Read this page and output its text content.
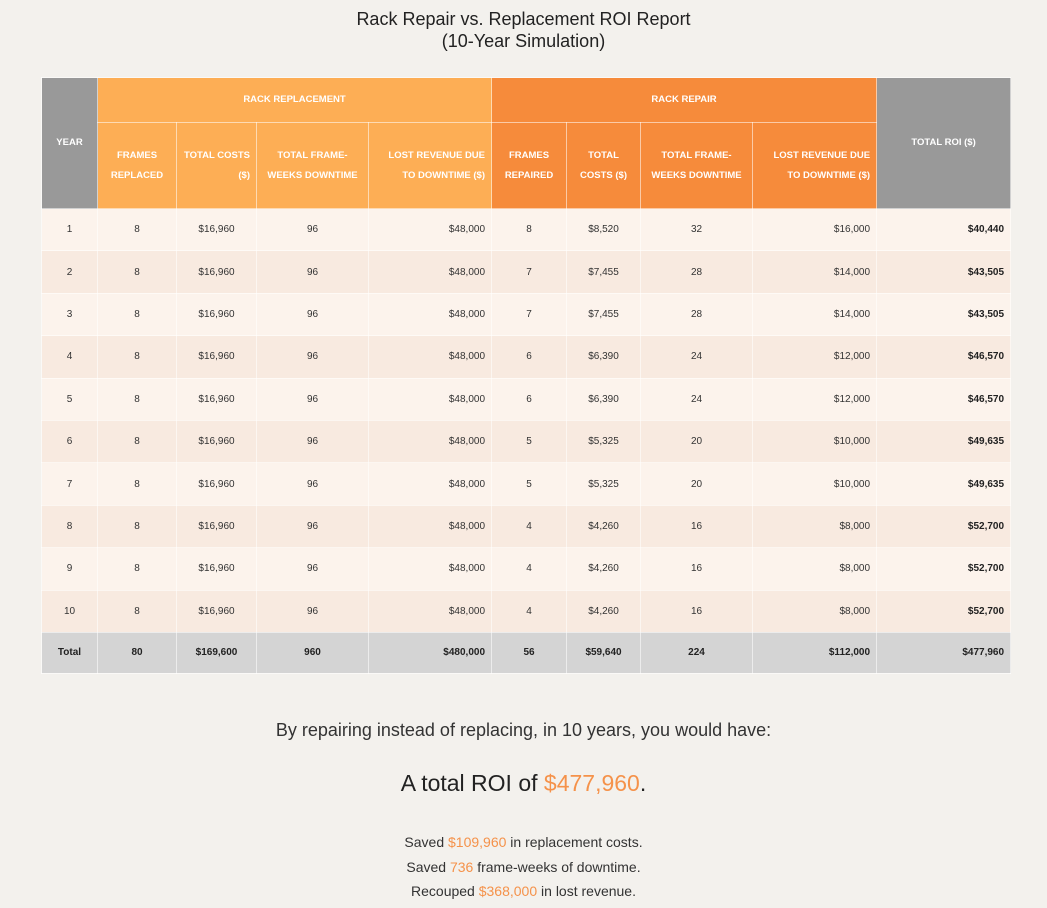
Rack Repair vs. Replacement ROI Report
(10-Year Simulation)
YEAR	RACK REPLACEMENT				RACK REPAIR				TOTAL ROI ($)
	FRAMES REPLACED	TOTAL COSTS ($)	TOTAL FRAME-WEEKS DOWNTIME	LOST REVENUE DUE TO DOWNTIME ($)	FRAMES REPAIRED	TOTAL COSTS ($)	TOTAL FRAME-WEEKS DOWNTIME	LOST REVENUE DUE TO DOWNTIME ($)	
1	8	$16,960	96	$48,000	8	$8,520	32	$16,000	$40,440
2	8	$16,960	96	$48,000	7	$7,455	28	$14,000	$43,505
3	8	$16,960	96	$48,000	7	$7,455	28	$14,000	$43,505
4	8	$16,960	96	$48,000	6	$6,390	24	$12,000	$46,570
5	8	$16,960	96	$48,000	6	$6,390	24	$12,000	$46,570
6	8	$16,960	96	$48,000	5	$5,325	20	$10,000	$49,635
7	8	$16,960	96	$48,000	5	$5,325	20	$10,000	$49,635
8	8	$16,960	96	$48,000	4	$4,260	16	$8,000	$52,700
9	8	$16,960	96	$48,000	4	$4,260	16	$8,000	$52,700
10	8	$16,960	96	$48,000	4	$4,260	16	$8,000	$52,700
Total	80	$169,600	960	$480,000	56	$59,640	224	$112,000	$477,960
By repairing instead of replacing, in 10 years, you would have:
A total ROI of $477,960.
Saved $109,960 in replacement costs.
Saved 736 frame-weeks of downtime.
Recouped $368,000 in lost revenue.
